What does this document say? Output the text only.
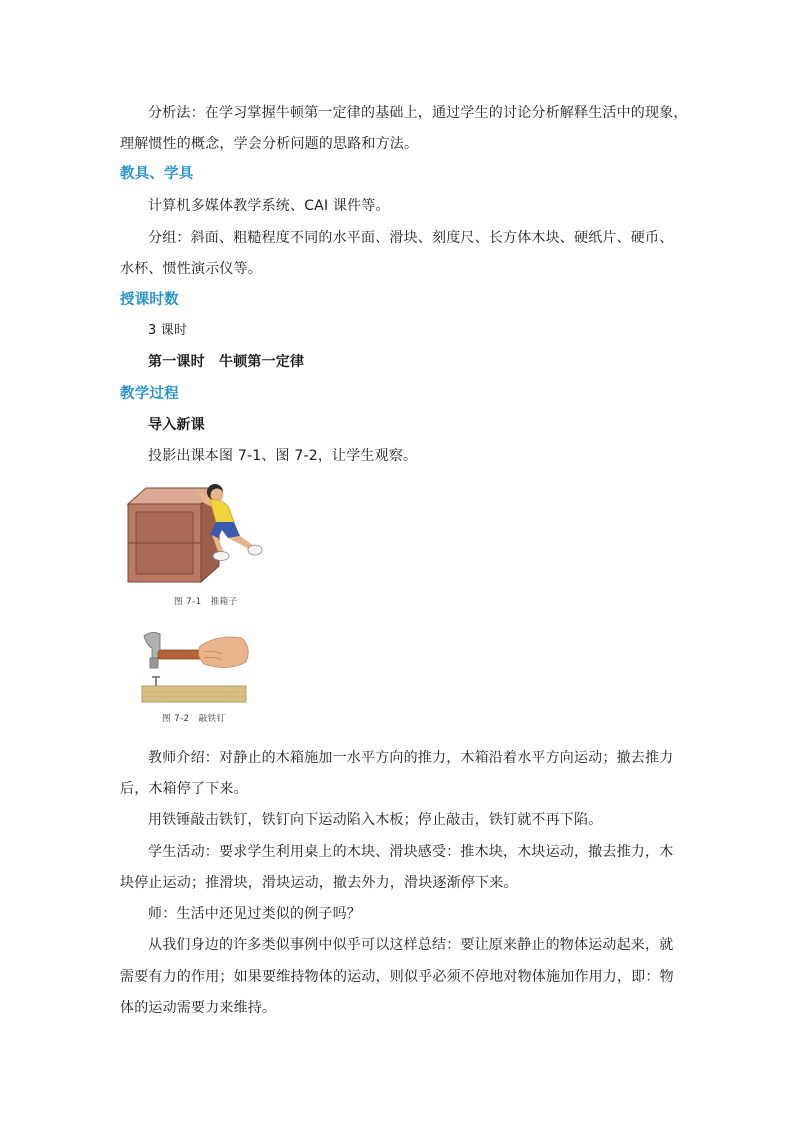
分析法：在学习掌握牛顿第一定律的基础上，通过学生的讨论分析解释生活中的现象，
理解惯性的概念，学会分析问题的思路和方法。
教具、学具
计算机多媒体教学系统、CAI 课件等。
分组：斜面、粗糙程度不同的水平面、滑块、刻度尺、长方体木块、硬纸片、硬币、
水杯、惯性演示仪等。
授课时数
3 课时
第一课时　牛顿第一定律
教学过程
导入新课
投影出课本图 7-1、图 7-2，让学生观察。
图 7-1　推箱子
图 7-2　敲铁钉
教师介绍：对静止的木箱施加一水平方向的推力，木箱沿着水平方向运动；撤去推力
后，木箱停了下来。
用铁锤敲击铁钉，铁钉向下运动陷入木板；停止敲击，铁钉就不再下陷。
学生活动：要求学生利用桌上的木块、滑块感受：推木块，木块运动，撤去推力，木
块停止运动；推滑块，滑块运动，撤去外力，滑块逐渐停下来。
师：生活中还见过类似的例子吗？
从我们身边的许多类似事例中似乎可以这样总结：要让原来静止的物体运动起来，就
需要有力的作用；如果要维持物体的运动，则似乎必须不停地对物体施加作用力，即：物
体的运动需要力来维持。
